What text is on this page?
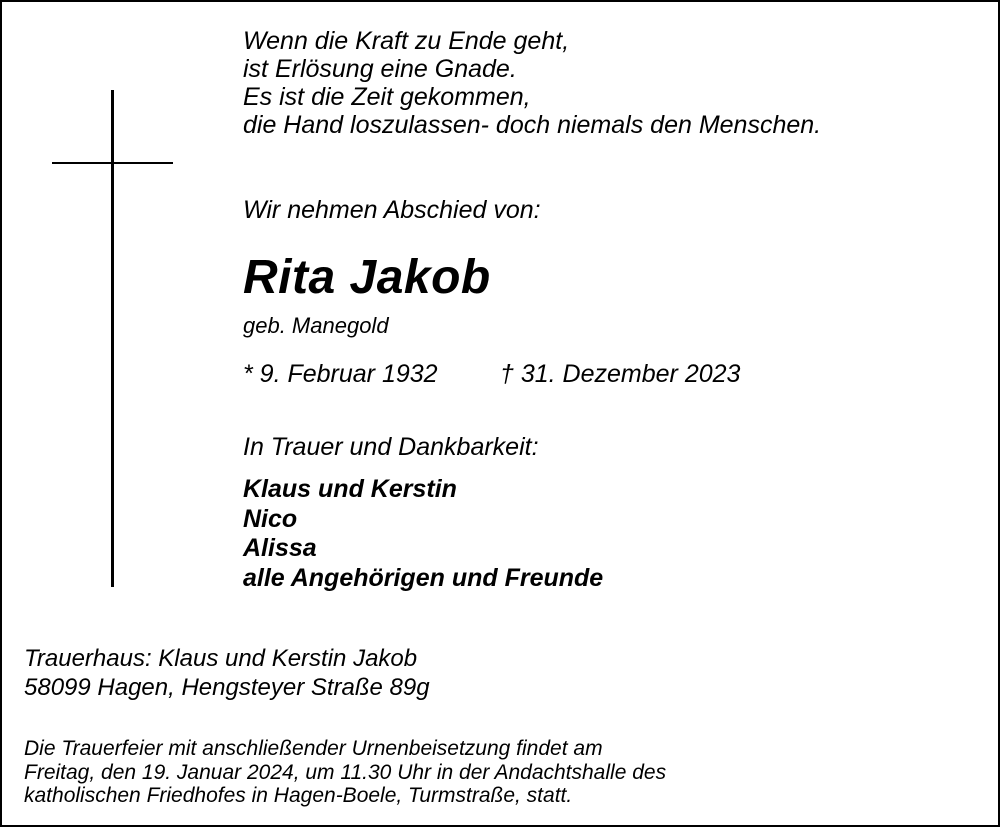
Wenn die Kraft zu Ende geht,
ist Erlösung eine Gnade.
Es ist die Zeit gekommen,
die Hand loszulassen- doch niemals den Menschen.
Wir nehmen Abschied von:
Rita Jakob
geb. Manegold
* 9. Februar 1932 † 31. Dezember 2023
In Trauer und Dankbarkeit:
Klaus und Kerstin
Nico
Alissa
alle Angehörigen und Freunde
Trauerhaus: Klaus und Kerstin Jakob
58099 Hagen, Hengsteyer Straße 89g
Die Trauerfeier mit anschließender Urnenbeisetzung findet am
Freitag, den 19. Januar 2024, um 11.30 Uhr in der Andachtshalle des
katholischen Friedhofes in Hagen-Boele, Turmstraße, statt.
